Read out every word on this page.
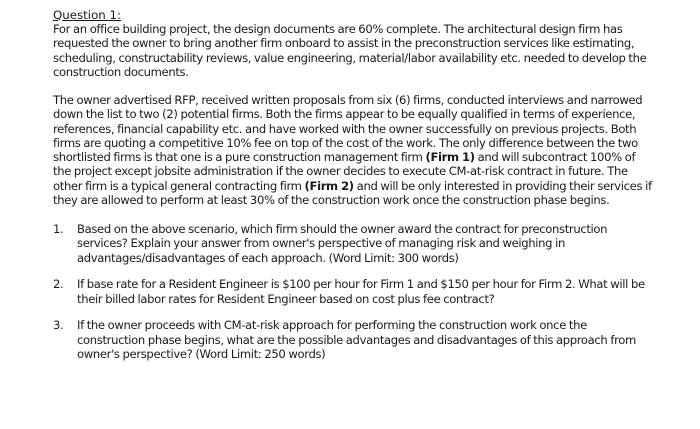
Question 1:

For an office building project, the design documents are 60% complete. The architectural design firm has requested the owner to bring another firm onboard to assist in the preconstruction services like estimating, scheduling, constructability reviews, value engineering, material/labor availability etc. needed to develop the construction documents.

The owner advertised RFP, received written proposals from six (6) firms, conducted interviews and narrowed down the list to two (2) potential firms. Both the firms appear to be equally qualified in terms of experience, references, financial capability etc. and have worked with the owner successfully on previous projects. Both firms are quoting a competitive 10% fee on top of the cost of the work. The only difference between the two shortlisted firms is that one is a pure construction management firm (Firm 1) and will subcontract 100% of the project except jobsite administration if the owner decides to execute CM-at-risk contract in future. The other firm is a typical general contracting firm (Firm 2) and will be only interested in providing their services if they are allowed to perform at least 30% of the construction work once the construction phase begins.

1. Based on the above scenario, which firm should the owner award the contract for preconstruction services? Explain your answer from owner's perspective of managing risk and weighing in advantages/disadvantages of each approach. (Word Limit: 300 words)
2. If base rate for a Resident Engineer is $100 per hour for Firm 1 and $150 per hour for Firm 2. What will be their billed labor rates for Resident Engineer based on cost plus fee contract?
3. If the owner proceeds with CM-at-risk approach for performing the construction work once the construction phase begins, what are the possible advantages and disadvantages of this approach from owner's perspective? (Word Limit: 250 words)
